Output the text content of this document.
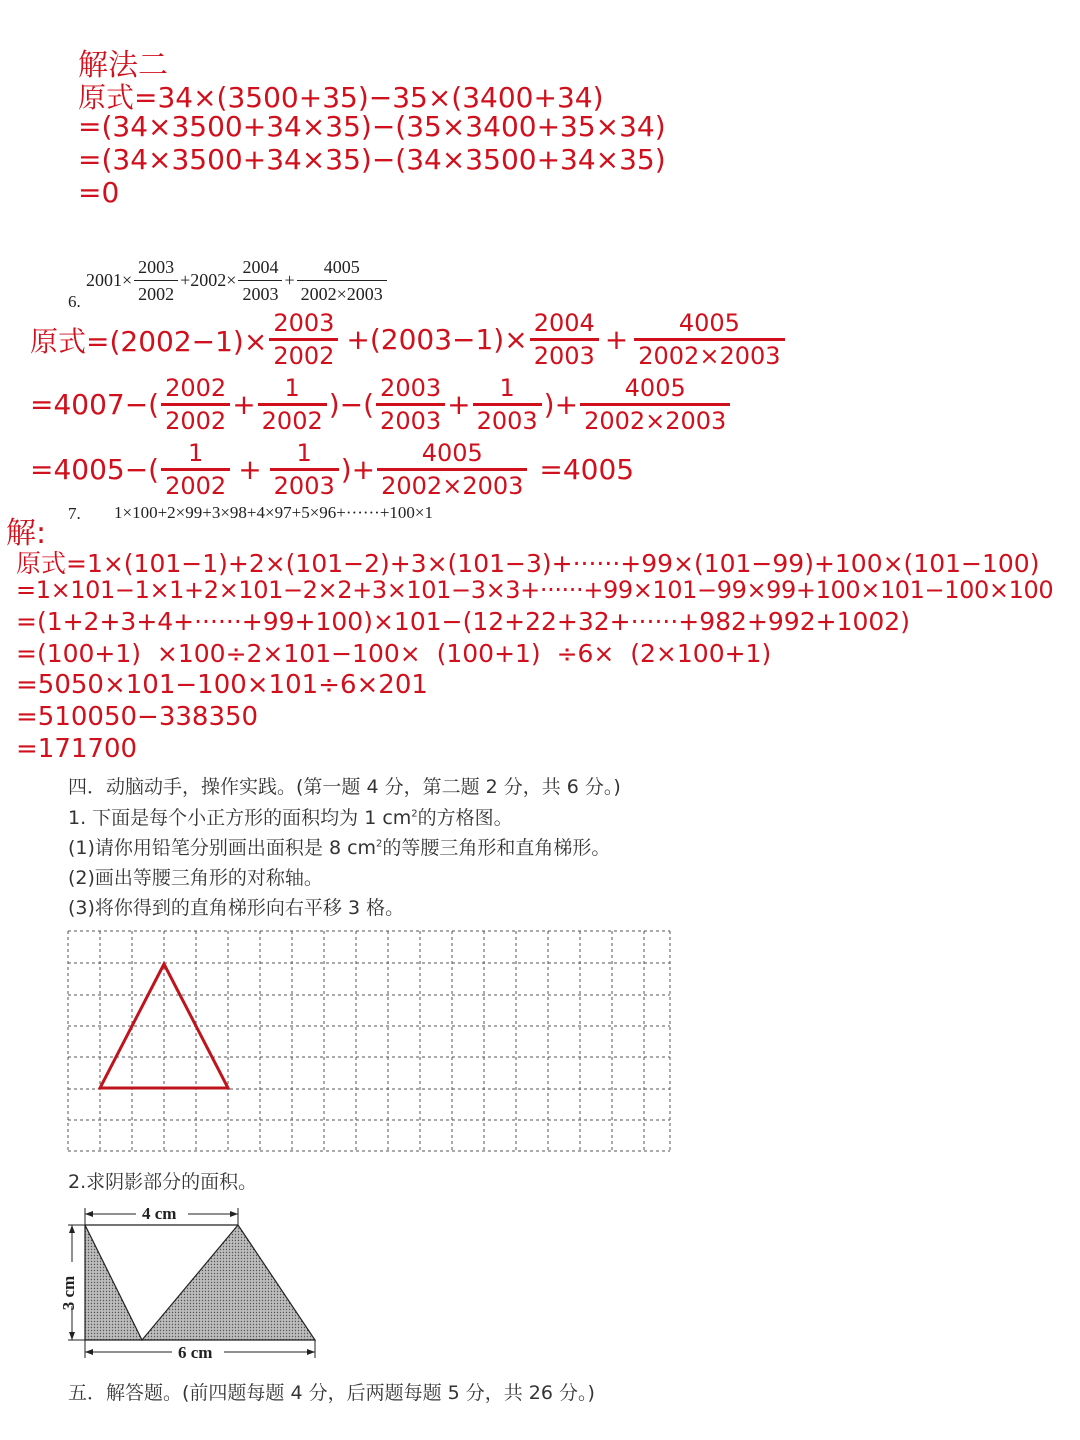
解法二
原式=34×(3500+35)−35×(3400+34)
=(34×3500+34×35)−(35×3400+35×34)
=(34×3500+34×35)−(34×3500+34×35)
=0
6.
$2001\times \frac{2003}{2002} +2002\times \frac{2004}{2003} + \frac{4005}{2002\times 2003}$
原式$=(2002-1)\times \frac{2003}{2002} +(2003-1)\times \frac{2004}{2003} + \frac{4005}{2002\times 2003}$
$=4007-( \frac{2002}{2002} + \frac{1}{2002}$ )−( $\frac{2003}{2003} + \frac{1}{2003}$ )+ $\frac{4005}{2002\times 2003}$
$=4005-( \frac{1}{2002} + \frac{1}{2003}$ )+ $\frac{4005}{2002\times 2003} =4005$
解:
7. 1×100+2×99+3×98+4×97+5×96+······+100×1
原式=1×(101−1)+2×(101−2)+3×(101−3)+······+99×(101−99)+100×(101−100)
=1×101−1×1+2×101−2×2+3×101−3×3+······+99×101−99×99+100×101−100×100
=(1+2+3+4+······+99+100)×101−(12+22+32+······+982+992+1002)
=(100+1)  ×100÷2×101−100×  (100+1)  ÷6×  (2×100+1)
=5050×101−100×101÷6×201
=510050−338350
=171700
四．动脑动手，操作实践。(第一题 4 分，第二题 2 分，共 6 分。)
1. 下面是每个小正方形的面积均为 1 $cm^2$的方格图。
(1)请你用铅笔分别画出面积是 8 $cm^2$的等腰三角形和直角梯形。
(2)画出等腰三角形的对称轴。
(3)将你得到的直角梯形向右平移 3 格。
2.求阴影部分的面积。
4 cm
3 cm
6 cm
五．解答题。(前四题每题 4 分，后两题每题 5 分，共 26 分。)
